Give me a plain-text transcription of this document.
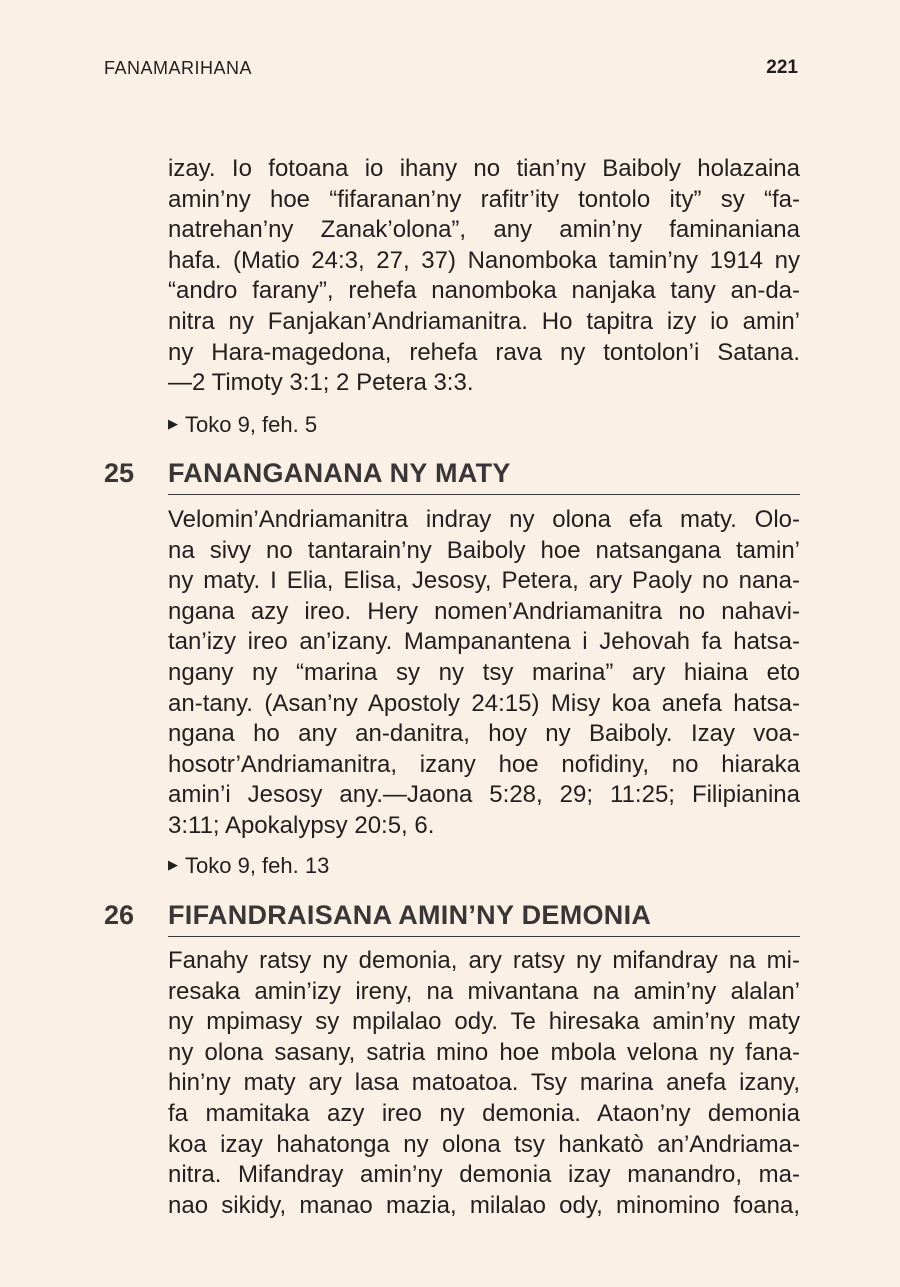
FANAMARIHANA	221
izay. Io fotoana io ihany no tian’ny Baiboly holazaina
amin’ny hoe “fifaranan’ny rafitr’ity tontolo ity” sy “fa-
natrehan’ny Zanak’olona”, any amin’ny faminaniana
hafa. (Matio 24:3, 27, 37) Nanomboka tamin’ny 1914 ny
“andro farany”, rehefa nanomboka nanjaka tany an-da-
nitra ny Fanjakan’Andriamanitra. Ho tapitra izy io amin’
ny Hara-magedona, rehefa rava ny tontolon’i Satana.
—2 Timoty 3:1; 2 Petera 3:3.
▶ Toko 9, feh. 5
25 FANANGANANA NY MATY
Velomin’Andriamanitra indray ny olona efa maty. Olo-
na sivy no tantarain’ny Baiboly hoe natsangana tamin’
ny maty. I Elia, Elisa, Jesosy, Petera, ary Paoly no nana-
ngana azy ireo. Hery nomen’Andriamanitra no nahavi-
tan’izy ireo an’izany. Mampanantena i Jehovah fa hatsa-
ngany ny “marina sy ny tsy marina” ary hiaina eto
an-tany. (Asan’ny Apostoly 24:15) Misy koa anefa hatsa-
ngana ho any an-danitra, hoy ny Baiboly. Izay voa-
hosotr’Andriamanitra, izany hoe nofidiny, no hiaraka
amin’i Jesosy any.—Jaona 5:28, 29; 11:25; Filipianina
3:11; Apokalypsy 20:5, 6.
▶ Toko 9, feh. 13
26 FIFANDRAISANA AMIN’NY DEMONIA
Fanahy ratsy ny demonia, ary ratsy ny mifandray na mi-
resaka amin’izy ireny, na mivantana na amin’ny alalan’
ny mpimasy sy mpilalao ody. Te hiresaka amin’ny maty
ny olona sasany, satria mino hoe mbola velona ny fana-
hin’ny maty ary lasa matoatoa. Tsy marina anefa izany,
fa mamitaka azy ireo ny demonia. Ataon’ny demonia
koa izay hahatonga ny olona tsy hankatò an’Andriama-
nitra. Mifandray amin’ny demonia izay manandro, ma-
nao sikidy, manao mazia, milalao ody, minomino foana,
